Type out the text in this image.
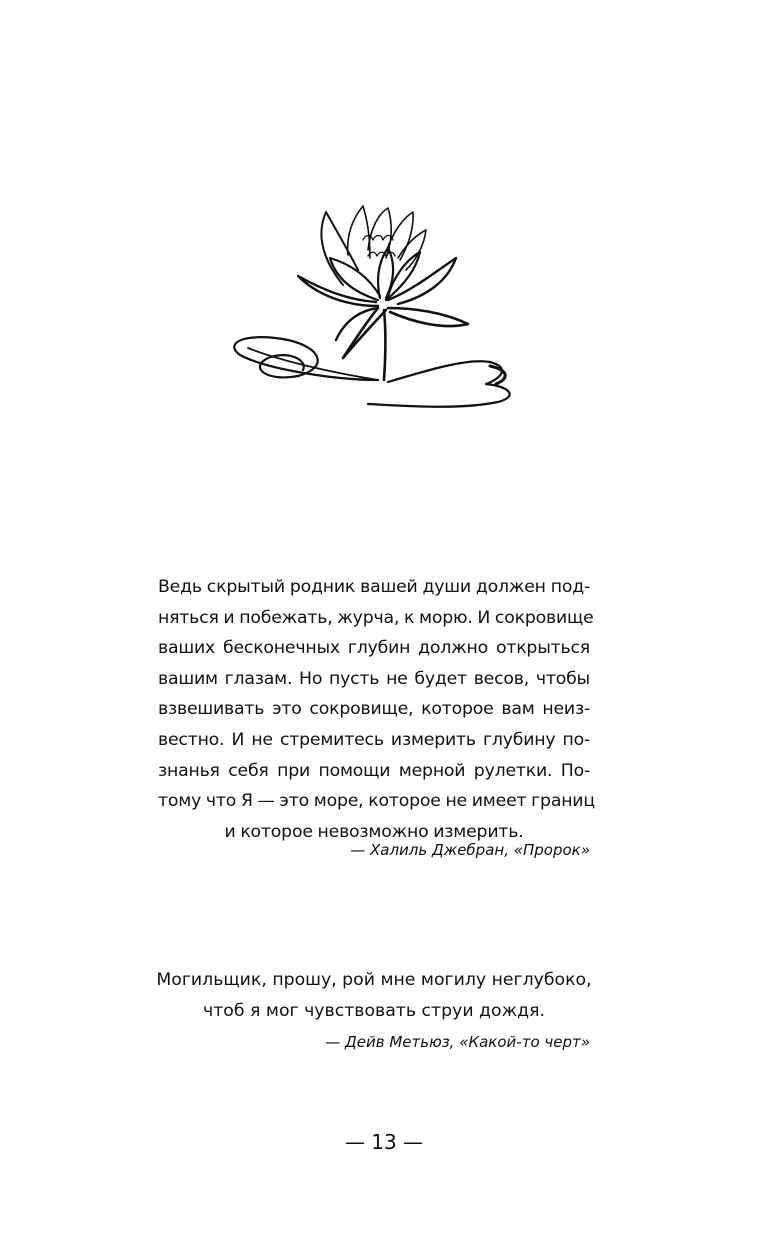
Ведь скрытый родник вашей души должен под-
няться и побежать, журча, к морю. И сокровище
ваших бесконечных глубин должно открыться
вашим глазам. Но пусть не будет весов, чтобы
взвешивать это сокровище, которое вам неиз-
вестно. И не стремитесь измерить глубину по-
знанья себя при помощи мерной рулетки. По-
тому что Я — это море, которое не имеет границ
и которое невозможно измерить.
— Халиль Джебран, «Пророк»
Могильщик, прошу, рой мне могилу неглубоко,
чтоб я мог чувствовать струи дождя.
— Дейв Метьюз, «Какой-то черт»
— 13 —
